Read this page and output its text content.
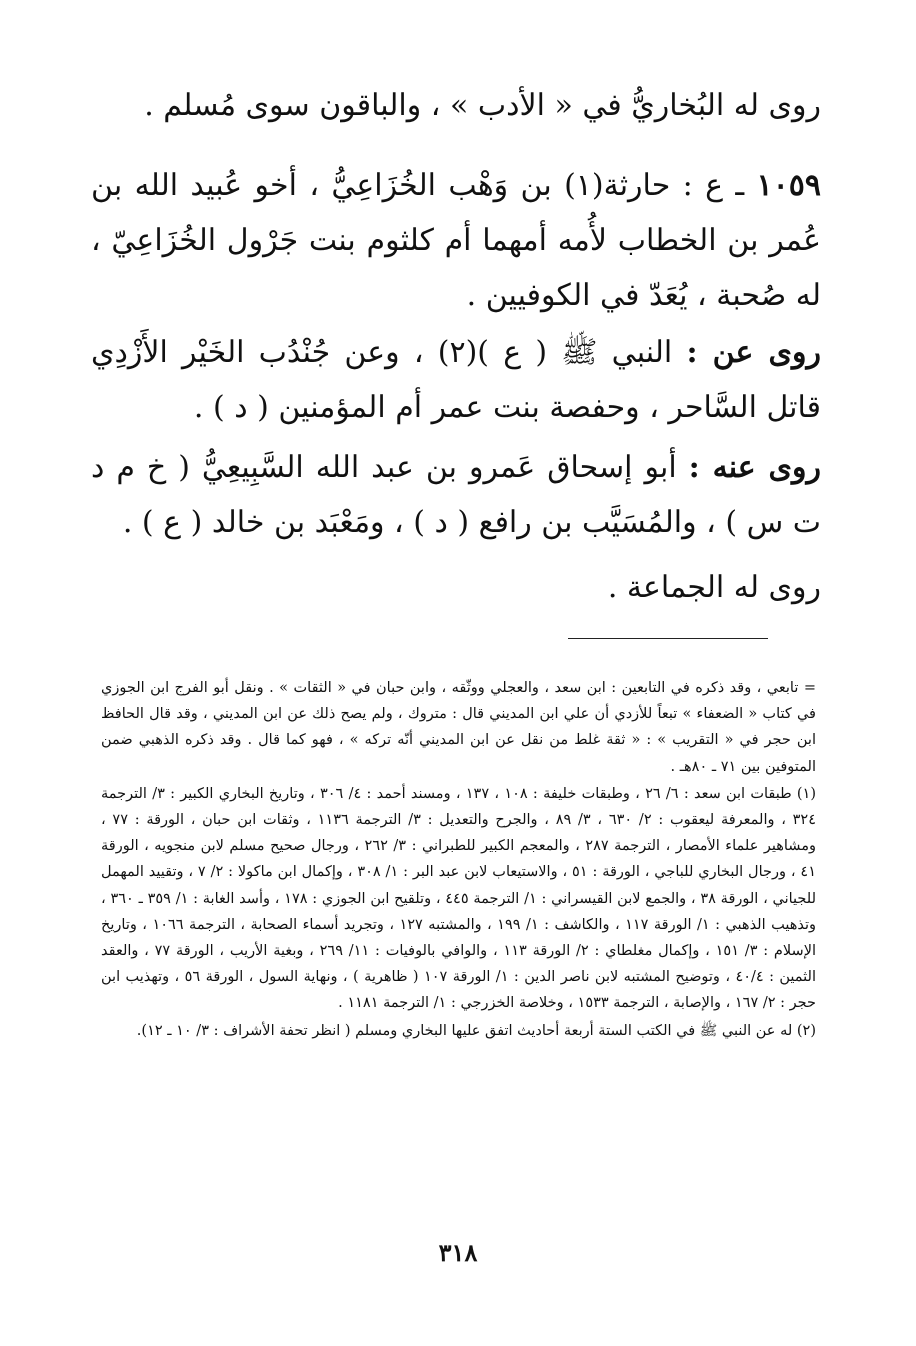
روى له البُخاريُّ في « الأدب » ، والباقون سوى مُسلم .

١٠٥٩ ـ ع : حارثة(١) بن وَهْب الخُزَاعِيُّ ، أخو عُبيد الله بن عُمر بن الخطاب لأُمه أمهما أم كلثوم بنت جَرْول الخُزَاعِيّ ، له صُحبة ، يُعَدّ في الكوفيين .

روى عن : النبي ﷺ ( ع )(٢) ، وعن جُنْدُب الخَيْر الأَزْدِي قاتل السَّاحر ، وحفصة بنت عمر أم المؤمنين ( د ) .

روى عنه : أبو إسحاق عَمرو بن عبد الله السَّبِيعِيُّ ( خ م د ت س ) ، والمُسَيَّب بن رافع ( د ) ، ومَعْبَد بن خالد ( ع ) .

روى له الجماعة .

= تابعي ، وقد ذكره في التابعين : ابن سعد ، والعجلي ووثّقه ، وابن حبان في « الثقات » . ونقل أبو الفرج ابن الجوزي في كتاب « الضعفاء » تبعاً للأزدي أن علي ابن المديني قال : متروك ، ولم يصح ذلك عن ابن المديني ، وقد قال الحافظ ابن حجر في « التقريب » : « ثقة غلط من نقل عن ابن المديني أنّه تركه » ، فهو كما قال . وقد ذكره الذهبي ضمن المتوفين بين ٧١ ـ ٨٠هـ .

(١) طبقات ابن سعد : ٦/ ٢٦ ، وطبقات خليفة : ١٠٨ ، ١٣٧ ، ومسند أحمد : ٤/ ٣٠٦ ، وتاريخ البخاري الكبير : ٣/ الترجمة ٣٢٤ ، والمعرفة ليعقوب : ٢/ ٦٣٠ ، ٣/ ٨٩ ، والجرح والتعديل : ٣/ الترجمة ١١٣٦ ، وثقات ابن حبان ، الورقة : ٧٧ ، ومشاهير علماء الأمصار ، الترجمة ٢٨٧ ، والمعجم الكبير للطبراني : ٣/ ٢٦٢ ، ورجال صحيح مسلم لابن منجويه ، الورقة ٤١ ، ورجال البخاري للباجي ، الورقة : ٥١ ، والاستيعاب لابن عبد البر : ١/ ٣٠٨ ، وإكمال ابن ماكولا : ٢/ ٧ ، وتقييد المهمل للجياني ، الورقة ٣٨ ، والجمع لابن القيسراني : ١/ الترجمة ٤٤٥ ، وتلقيح ابن الجوزي : ١٧٨ ، وأسد الغابة : ١/ ٣٥٩ ـ ٣٦٠ ، وتذهيب الذهبي : ١/ الورقة ١١٧ ، والكاشف : ١/ ١٩٩ ، والمشتبه ١٢٧ ، وتجريد أسماء الصحابة ، الترجمة ١٠٦٦ ، وتاريخ الإسلام : ٣/ ١٥١ ، وإكمال مغلطاي : ٢/ الورقة ١١٣ ، والوافي بالوفيات : ١١/ ٢٦٩ ، وبغية الأريب ، الورقة ٧٧ ، والعقد الثمين : ٤٠/٤ ، وتوضيح المشتبه لابن ناصر الدين : ١/ الورقة ١٠٧ ( ظاهرية ) ، ونهاية السول ، الورقة ٥٦ ، وتهذيب ابن حجر : ٢/ ١٦٧ ، والإصابة ، الترجمة ١٥٣٣ ، وخلاصة الخزرجي : ١/ الترجمة ١١٨١ .

(٢) له عن النبي ﷺ في الكتب الستة أربعة أحاديث اتفق عليها البخاري ومسلم ( انظر تحفة الأشراف : ٣/ ١٠ ـ ١٢).

٣١٨
